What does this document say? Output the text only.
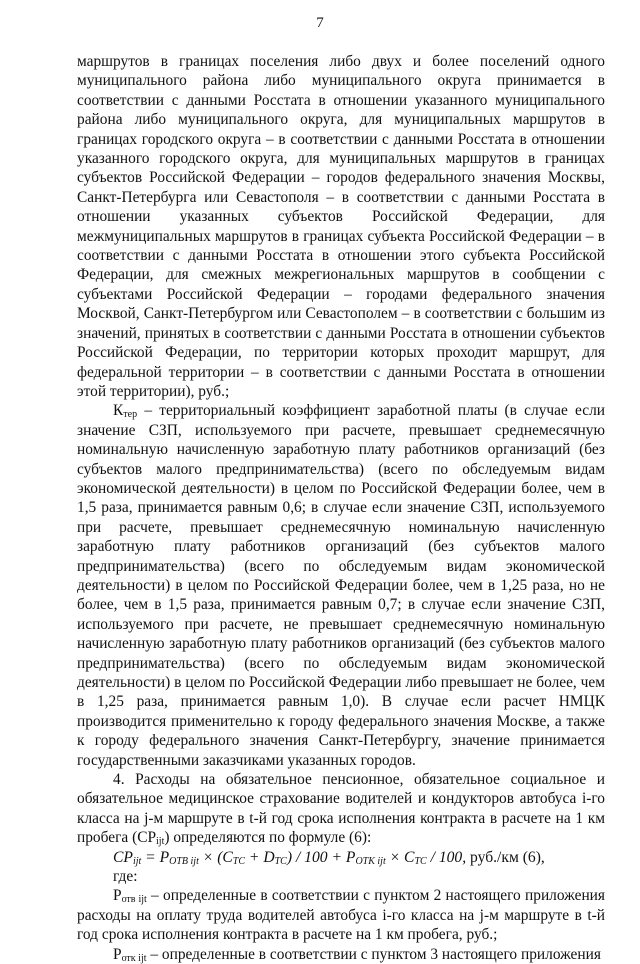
7

маршрутов в границах поселения либо двух и более поселений одного муниципального района либо муниципального округа принимается в соответствии с данными Росстата в отношении указанного муниципального района либо муниципального округа, для муниципальных маршрутов в границах городского округа – в соответствии с данными Росстата в отношении указанного городского округа, для муниципальных маршрутов в границах субъектов Российской Федерации – городов федерального значения Москвы, Санкт-Петербурга или Севастополя – в соответствии с данными Росстата в отношении указанных субъектов Российской Федерации, для межмуниципальных маршрутов в границах субъекта Российской Федерации – в соответствии с данными Росстата в отношении этого субъекта Российской Федерации, для смежных межрегиональных маршрутов в сообщении с субъектами Российской Федерации – городами федерального значения Москвой, Санкт-Петербургом или Севастополем – в соответствии с большим из значений, принятых в соответствии с данными Росстата в отношении субъектов Российской Федерации, по территории которых проходит маршрут, для федеральной территории – в соответствии с данными Росстата в отношении этой территории), руб.;

$К_{тер}$ – территориальный коэффициент заработной платы (в случае если значение СЗП, используемого при расчете, превышает среднемесячную номинальную начисленную заработную плату работников организаций (без субъектов малого предпринимательства) (всего по обследуемым видам экономической деятельности) в целом по Российской Федерации более, чем в 1,5 раза, принимается равным 0,6; в случае если значение СЗП, используемого при расчете, превышает среднемесячную номинальную начисленную заработную плату работников организаций (без субъектов малого предпринимательства) (всего по обследуемым видам экономической деятельности) в целом по Российской Федерации более, чем в 1,25 раза, но не более, чем в 1,5 раза, принимается равным 0,7; в случае если значение СЗП, используемого при расчете, не превышает среднемесячную номинальную начисленную заработную плату работников организаций (без субъектов малого предпринимательства) (всего по обследуемым видам экономической деятельности) в целом по Российской Федерации либо превышает не более, чем в 1,25 раза, принимается равным 1,0). В случае если расчет НМЦК производится применительно к городу федерального значения Москве, а также к городу федерального значения Санкт-Петербургу, значение принимается государственными заказчиками указанных городов.

4. Расходы на обязательное пенсионное, обязательное социальное и обязательное медицинское страхование водителей и кондукторов автобуса i-го класса на j-м маршруте в t-й год срока исполнения контракта в расчете на 1 км пробега $(СР_{ijt})$ определяются по формуле (6):

$CP_{ijt} = P_{OTB ijt} \times (C_{TC} + D_{TC}) / 100 + P_{OTK ijt} \times C_{TC} / 100$, руб./км (6),

где:

$Р_{отв ijt}$ – определенные в соответствии с пунктом 2 настоящего приложения расходы на оплату труда водителей автобуса i-го класса на j-м маршруте в t-й год срока исполнения контракта в расчете на 1 км пробега, руб.;

$Р_{отк ijt}$ – определенные в соответствии с пунктом 3 настоящего приложения
